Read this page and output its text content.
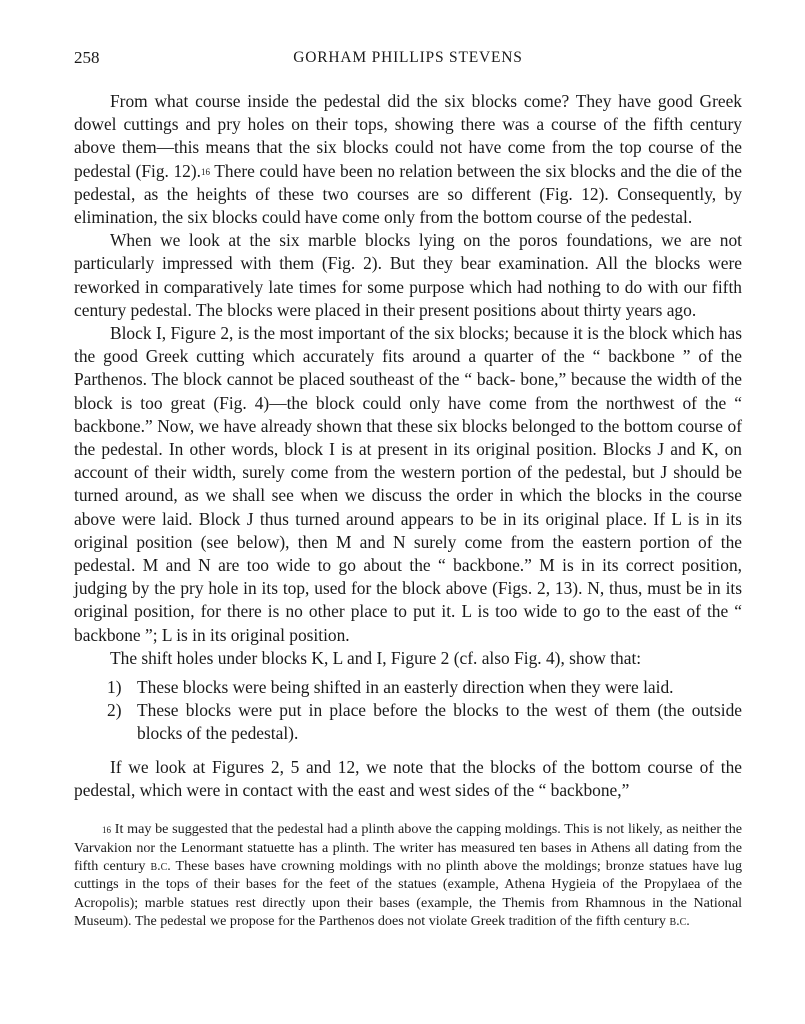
258	GORHAM PHILLIPS STEVENS

From what course inside the pedestal did the six blocks come? They have good Greek dowel cuttings and pry holes on their tops, showing there was a course of the fifth century above them—this means that the six blocks could not have come from the top course of the pedestal (Fig. 12).$^{16}$ There could have been no relation between the six blocks and the die of the pedestal, as the heights of these two courses are so different (Fig. 12). Consequently, by elimination, the six blocks could have come only from the bottom course of the pedestal.

When we look at the six marble blocks lying on the poros foundations, we are not particularly impressed with them (Fig. 2). But they bear examination. All the blocks were reworked in comparatively late times for some purpose which had nothing to do with our fifth century pedestal. The blocks were placed in their present positions about thirty years ago.

Block I, Figure 2, is the most important of the six blocks; because it is the block which has the good Greek cutting which accurately fits around a quarter of the “ backbone ” of the Parthenos. The block cannot be placed southeast of the “ back- bone,” because the width of the block is too great (Fig. 4)—the block could only have come from the northwest of the “ backbone.” Now, we have already shown that these six blocks belonged to the bottom course of the pedestal. In other words, block I is at present in its original position. Blocks J and K, on account of their width, surely come from the western portion of the pedestal, but J should be turned around, as we shall see when we discuss the order in which the blocks in the course above were laid. Block J thus turned around appears to be in its original place. If L is in its original position (see below), then M and N surely come from the eastern portion of the pedestal. M and N are too wide to go about the “ backbone.” M is in its correct position, judging by the pry hole in its top, used for the block above (Figs. 2, 13). N, thus, must be in its original position, for there is no other place to put it. L is too wide to go to the east of the “ backbone ”; L is in its original position.

The shift holes under blocks K, L and I, Figure 2 (cf. also Fig. 4), show that:

1) These blocks were being shifted in an easterly direction when they were laid.
2) These blocks were put in place before the blocks to the west of them (the outside blocks of the pedestal).

If we look at Figures 2, 5 and 12, we note that the blocks of the bottom course of the pedestal, which were in contact with the east and west sides of the “ backbone,”

$^{16}$ It may be suggested that the pedestal had a plinth above the capping moldings. This is not likely, as neither the Varvakion nor the Lenormant statuette has a plinth. The writer has measured ten bases in Athens all dating from the fifth century b.c. These bases have crowning moldings with no plinth above the moldings; bronze statues have lug cuttings in the tops of their bases for the feet of the statues (example, Athena Hygieia of the Propylaea of the Acropolis); marble statues rest directly upon their bases (example, the Themis from Rhamnous in the National Museum). The pedestal we propose for the Parthenos does not violate Greek tradition of the fifth century b.c.
